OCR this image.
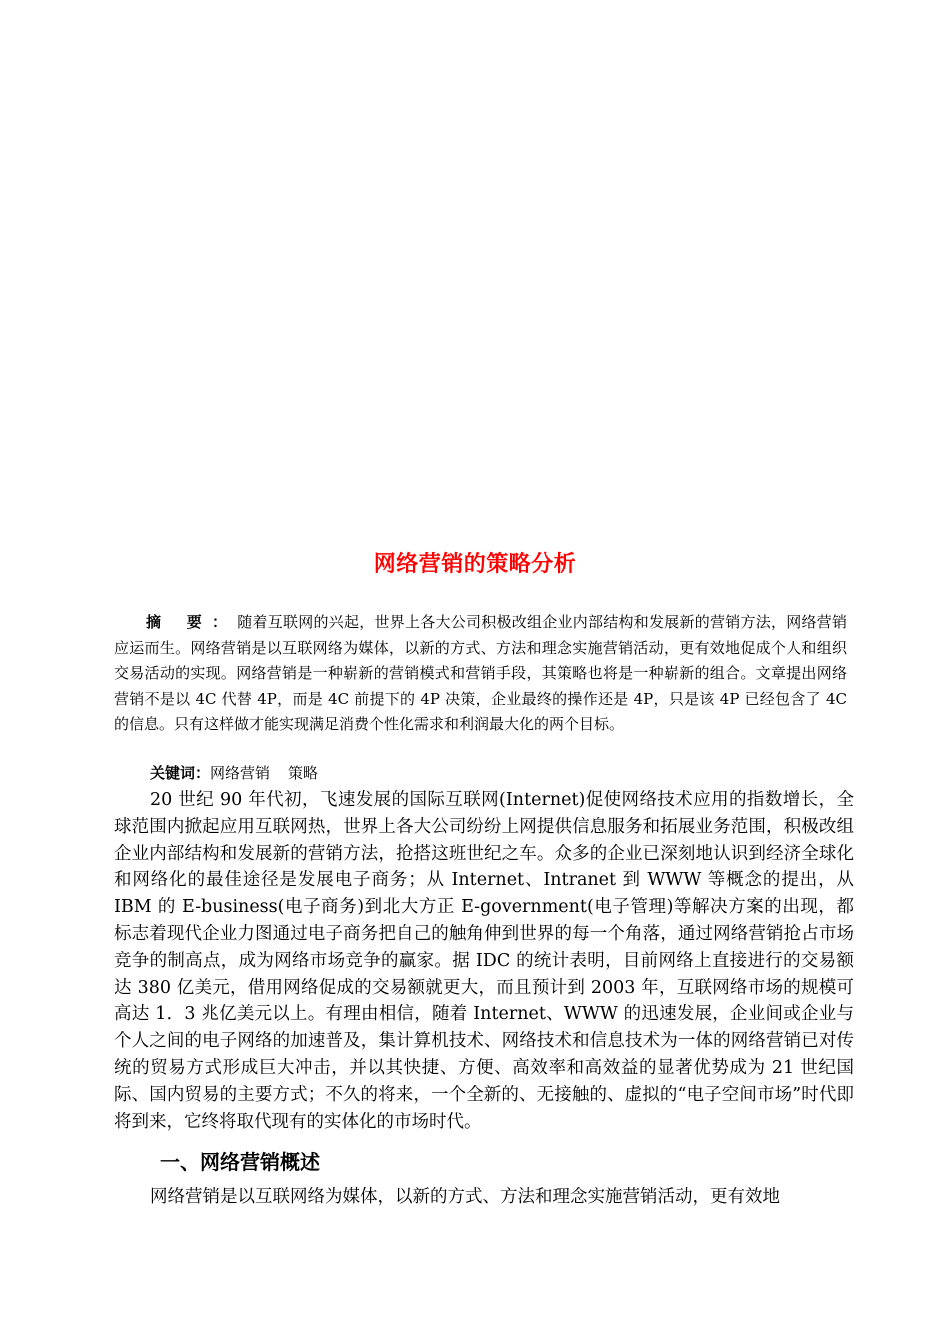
网络营销的策略分析

摘 要：随着互联网的兴起，世界上各大公司积极改组企业内部结构和发展新的营销方法，网络营销应运而生。网络营销是以互联网络为媒体，以新的方式、方法和理念实施营销活动，更有效地促成个人和组织交易活动的实现。网络营销是一种崭新的营销模式和营销手段，其策略也将是一种崭新的组合。文章提出网络营销不是以 4C 代替 4P，而是 4C 前提下的 4P 决策，企业最终的操作还是 4P，只是该 4P 已经包含了 4C 的信息。只有这样做才能实现满足消费个性化需求和利润最大化的两个目标。

关键词：网络营销 策略

20 世纪 90 年代初，飞速发展的国际互联网(Internet)促使网络技术应用的指数增长，全球范围内掀起应用互联网热，世界上各大公司纷纷上网提供信息服务和拓展业务范围，积极改组企业内部结构和发展新的营销方法，抢搭这班世纪之车。众多的企业已深刻地认识到经济全球化和网络化的最佳途径是发展电子商务；从 Internet、Intranet 到 WWW 等概念的提出，从 IBM 的 E-business(电子商务)到北大方正 E-government(电子管理)等解决方案的出现，都标志着现代企业力图通过电子商务把自己的触角伸到世界的每一个角落，通过网络营销抢占市场竞争的制高点，成为网络市场竞争的赢家。据 IDC 的统计表明，目前网络上直接进行的交易额达 380 亿美元，借用网络促成的交易额就更大，而且预计到 2003 年，互联网络市场的规模可高达 1．3 兆亿美元以上。有理由相信，随着 Internet、WWW 的迅速发展，企业间或企业与个人之间的电子网络的加速普及，集计算机技术、网络技术和信息技术为一体的网络营销已对传统的贸易方式形成巨大冲击，并以其快捷、方便、高效率和高效益的显著优势成为 21 世纪国际、国内贸易的主要方式；不久的将来，一个全新的、无接触的、虚拟的“电子空间市场”时代即将到来，它终将取代现有的实体化的市场时代。

一、网络营销概述

网络营销是以互联网络为媒体，以新的方式、方法和理念实施营销活动，更有效地
